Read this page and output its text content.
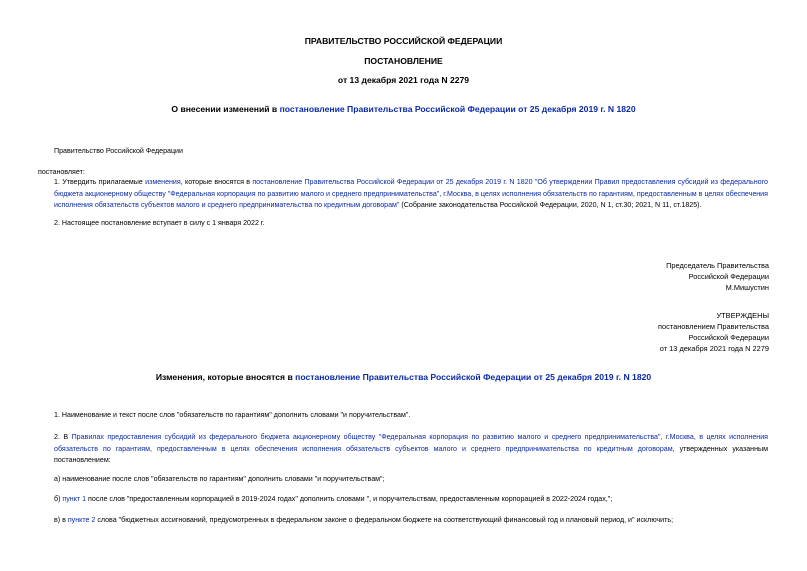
ПРАВИТЕЛЬСТВО РОССИЙСКОЙ ФЕДЕРАЦИИ
ПОСТАНОВЛЕНИЕ
от 13 декабря 2021 года N 2279
О внесении изменений в постановление Правительства Российской Федерации от 25 декабря 2019 г. N 1820
Правительство Российской Федерации
постановляет:
1. Утвердить прилагаемые изменения, которые вносятся в постановление Правительства Российской Федерации от 25 декабря 2019 г. N 1820 "Об утверждении Правил предоставления субсидий из федерального бюджета акционерному обществу "Федеральная корпорация по развитию малого и среднего предпринимательства", г.Москва, в целях исполнения обязательств по гарантиям, предоставленным в целях обеспечения исполнения обязательств субъектов малого и среднего предпринимательства по кредитным договорам" (Собрание законодательства Российской Федерации, 2020, N 1, ст.30; 2021, N 11, ст.1825).
2. Настоящее постановление вступает в силу с 1 января 2022 г.
Председатель Правительства
Российской Федерации
М.Мишустин
УТВЕРЖДЕНЫ
постановлением Правительства
Российской Федерации
от 13 декабря 2021 года N 2279
Изменения, которые вносятся в постановление Правительства Российской Федерации от 25 декабря 2019 г. N 1820
1. Наименование и текст после слов "обязательств по гарантиям" дополнить словами "и поручительствам".
2. В Правилах предоставления субсидий из федерального бюджета акционерному обществу "Федеральная корпорация по развитию малого и среднего предпринимательства", г.Москва, в целях исполнения обязательств по гарантиям, предоставленным в целях обеспечения исполнения обязательств субъектов малого и среднего предпринимательства по кредитным договорам, утвержденных указанным постановлением:
а) наименование после слов "обязательств по гарантиям" дополнить словами "и поручительствам";
б) пункт 1 после слов "предоставленным корпорацией в 2019-2024 годах" дополнить словами ", и поручительствам, предоставленным корпорацией в 2022-2024 годах,";
в) в пункте 2 слова "бюджетных ассигнований, предусмотренных в федеральном законе о федеральном бюджете на соответствующий финансовый год и плановый период, и" исключить;
